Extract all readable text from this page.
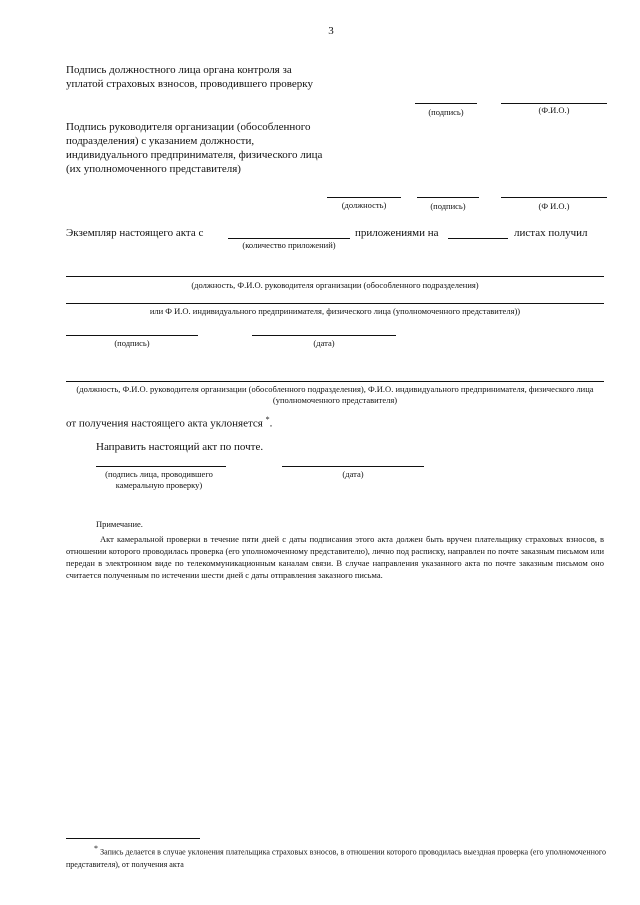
3
Подпись должностного лица органа контроля за уплатой страховых взносов, проводившего проверку
(подпись)	(Ф.И.О.)
Подпись руководителя организации (обособленного подразделения) с указанием должности, индивидуального предпринимателя, физического лица (их уполномоченного представителя)
(должность)	(подпись)	(Ф И.О.)
Экземпляр настоящего акта с
(количество приложений)
приложениями на	листах получил
(должность, Ф.И.О. руководителя организации (обособленного подразделения)
или Ф И.О. индивидуального предпринимателя, физического лица (уполномоченного представителя))
(подпись)	(дата)
(должность, Ф.И.О. руководителя организации (обособленного подразделения), Ф.И.О. индивидуального предпринимателя, физического лица (уполномоченного представителя)
от получения настоящего акта уклоняется *.
Направить настоящий акт по почте.
(подпись лица, проводившего камеральную проверку)
(дата)
Примечание.
Акт камеральной проверки в течение пяти дней с даты подписания этого акта должен быть вручен плательщику страховых взносов, в отношении которого проводилась проверка (его уполномоченному представителю), лично под расписку, направлен по почте заказным письмом или передан в электронном виде по телекоммуникационным каналам связи. В случае направления указанного акта по почте заказным письмом оно считается полученным по истечении шести дней с даты отправления заказного письма.
* Запись делается в случае уклонения плательщика страховых взносов, в отношении которого проводилась выездная проверка (его уполномоченного представителя), от получения акта
